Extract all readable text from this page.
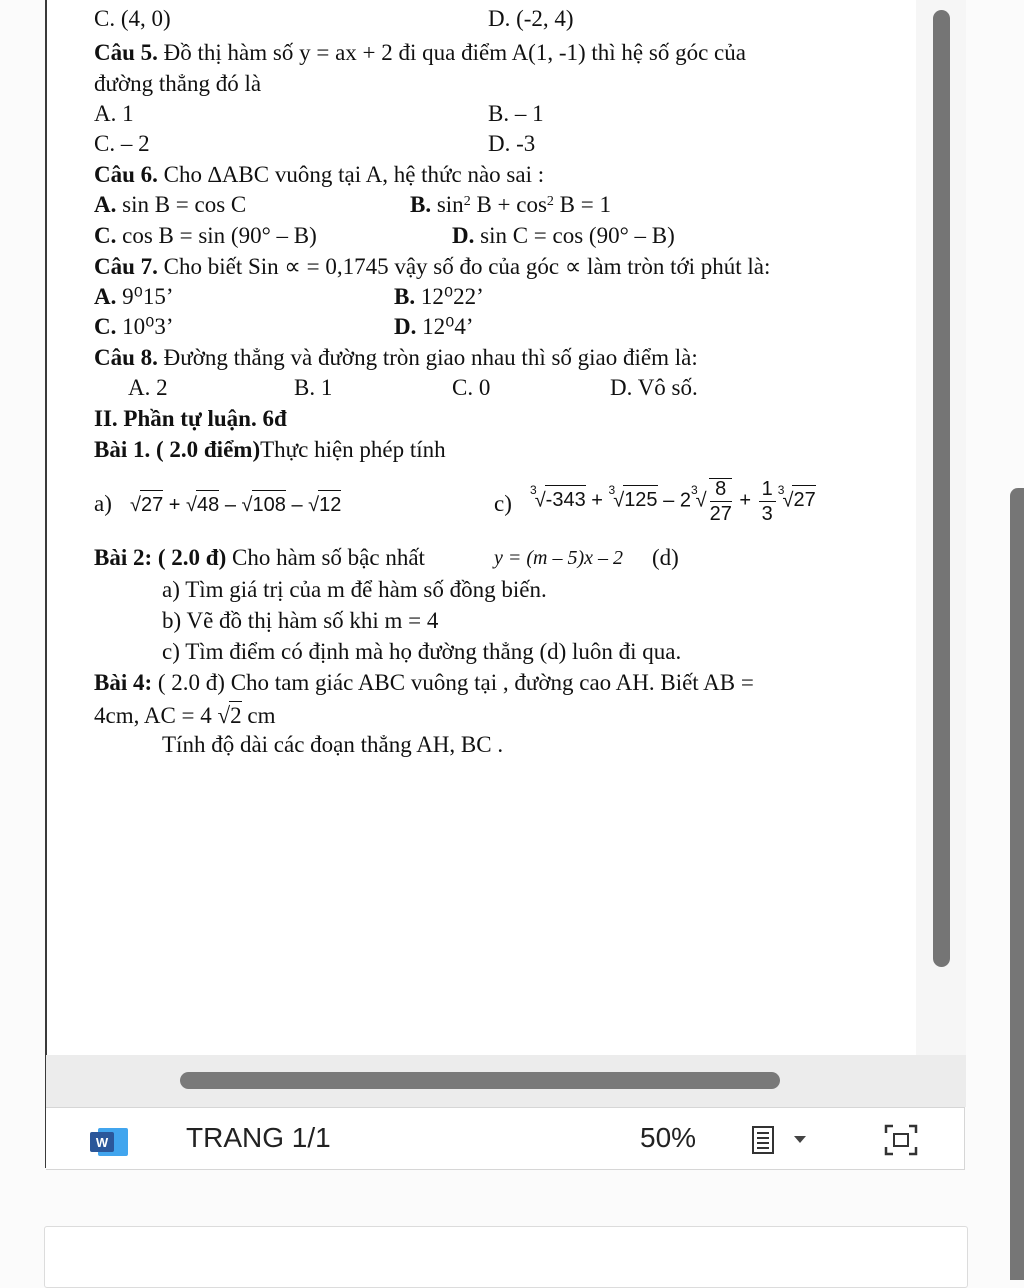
C. (4, 0)	D. (-2, 4)
Câu 5. Đồ thị hàm số y = ax + 2 đi qua điểm A(1, -1) thì hệ số góc của
đường thẳng đó là
A. 1	B. – 1
C. – 2	D. -3
Câu 6. Cho ∆ABC vuông tại A, hệ thức nào sai :
A. sin B = cos C	B. $\sin^2 B + \cos^2 B = 1$
C. cos B = sin (90° – B)	D. sin C = cos (90° – B)
Câu 7. Cho biết Sin ∝ = 0,1745 vậy số đo của góc ∝ làm tròn tới phút là:
A. 9⁰15’	B. 12⁰22’
C. 10⁰3’	D. 12⁰4’
Câu 8. Đường thẳng và đường tròn giao nhau thì số giao điểm là:
A. 2	B. 1	C. 0	D. Vô số.
II. Phần tự luận. 6đ
Bài 1. ( 2.0 điểm)Thực hiện phép tính
a) √27 + √48 – √108 – √12	c)
$^3√-343 + ^3√125 - 2^3√ \frac{8}{27} + \frac{1}{3} ^3√27$
Bài 2: ( 2.0 đ) Cho hàm số bậc nhất	y = (m – 5)x – 2 (d)
a) Tìm giá trị của m để hàm số đồng biến.
b) Vẽ đồ thị hàm số khi m = 4
c) Tìm điểm có định mà họ đường thẳng (d) luôn đi qua.
Bài 4: ( 2.0 đ) Cho tam giác ABC vuông tại , đường cao AH. Biết AB =
4cm, AC = 4 √2 cm
Tính độ dài các đoạn thẳng AH, BC .
W	TRANG 1/1	50%
